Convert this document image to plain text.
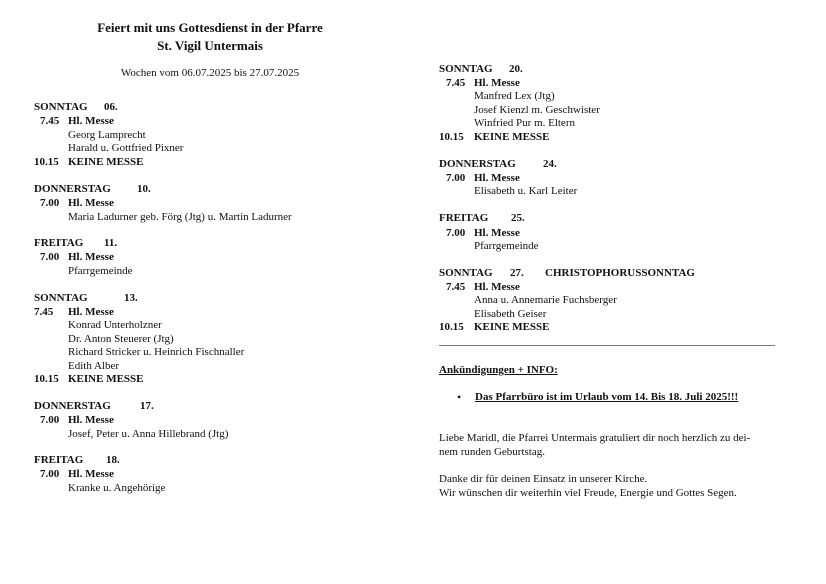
Feiert mit uns Gottesdienst in der Pfarre
St. Vigil Untermais
Wochen vom 06.07.2025 bis 27.07.2025
SONNTAG 06.
7.45 Hl. Messe
Georg Lamprecht
Harald u. Gottfried Pixner
10.15 KEINE MESSE
DONNERSTAG 10.
7.00 Hl. Messe
Maria Ladurner geb. Förg (Jtg) u. Martin Ladurner
FREITAG 11.
7.00 Hl. Messe
Pfarrgemeinde
SONNTAG	13.
7.45 Hl. Messe
Konrad Unterholzner
Dr. Anton Steuerer (Jtg)
Richard Stricker u. Heinrich Fischnaller
Edith Alber
10.15 KEINE MESSE
DONNERSTAG	17.
7.00 Hl. Messe
Josef, Peter u. Anna Hillebrand (Jtg)
FREITAG 18.
7.00 Hl. Messe
Kranke u. Angehörige
SONNTAG 20.
7.45 Hl. Messe
Manfred Lex (Jtg)
Josef Kienzl m. Geschwister
Winfried Pur m. Eltern
10.15 KEINE MESSE
DONNERSTAG 24.
7.00 Hl. Messe
Elisabeth u. Karl Leiter
FREITAG 25.
7.00 Hl. Messe
Pfarrgemeinde
SONNTAG 27. CHRISTOPHORUSSONNTAG
7.45 Hl. Messe
Anna u. Annemarie Fuchsberger
Elisabeth Geiser
10.15 KEINE MESSE
Ankündigungen + INFO:
• Das Pfarrbüro ist im Urlaub vom 14. Bis 18. Juli 2025!!!
Liebe Maridl, die Pfarrei Untermais gratuliert dir noch herzlich zu dei-
nem runden Geburtstag.
Danke dir für deinen Einsatz in unserer Kirche.
Wir wünschen dir weiterhin viel Freude, Energie und Gottes Segen.
